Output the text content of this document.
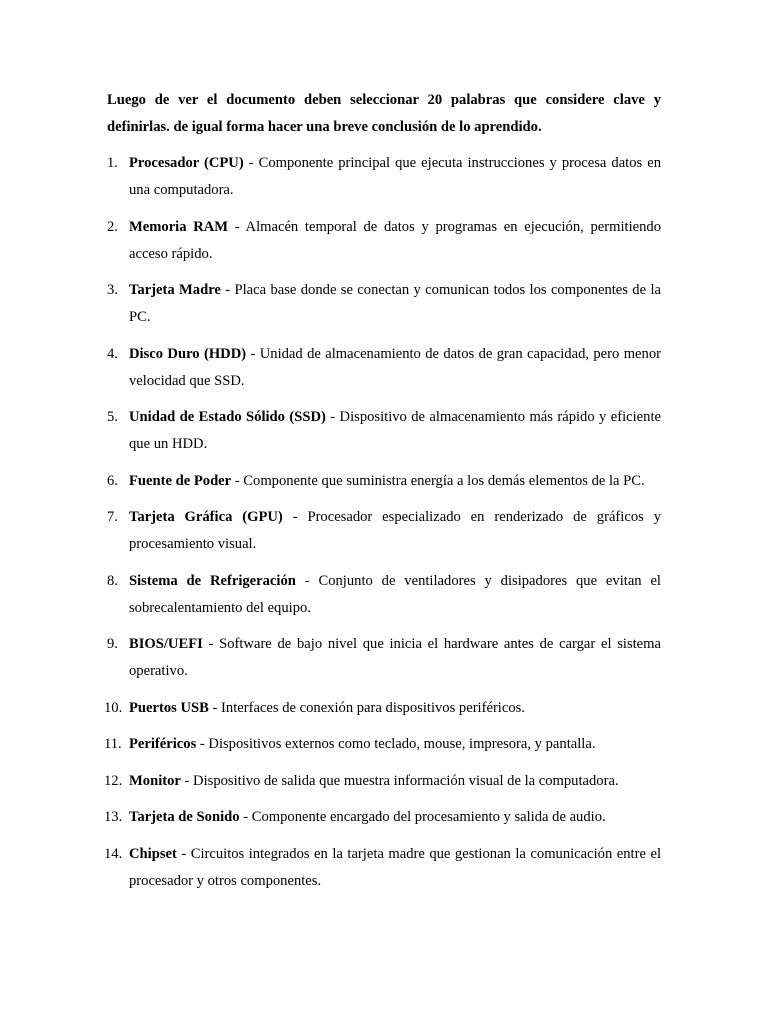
Luego de ver el documento deben seleccionar 20 palabras que considere clave y definirlas. de igual forma hacer una breve conclusión de lo aprendido.

1. Procesador (CPU) - Componente principal que ejecuta instrucciones y procesa datos en una computadora.
2. Memoria RAM - Almacén temporal de datos y programas en ejecución, permitiendo acceso rápido.
3. Tarjeta Madre - Placa base donde se conectan y comunican todos los componentes de la PC.
4. Disco Duro (HDD) - Unidad de almacenamiento de datos de gran capacidad, pero menor velocidad que SSD.
5. Unidad de Estado Sólido (SSD) - Dispositivo de almacenamiento más rápido y eficiente que un HDD.
6. Fuente de Poder - Componente que suministra energía a los demás elementos de la PC.
7. Tarjeta Gráfica (GPU) - Procesador especializado en renderizado de gráficos y procesamiento visual.
8. Sistema de Refrigeración - Conjunto de ventiladores y disipadores que evitan el sobrecalentamiento del equipo.
9. BIOS/UEFI - Software de bajo nivel que inicia el hardware antes de cargar el sistema operativo.
10. Puertos USB - Interfaces de conexión para dispositivos periféricos.
11. Periféricos - Dispositivos externos como teclado, mouse, impresora, y pantalla.
12. Monitor - Dispositivo de salida que muestra información visual de la computadora.
13. Tarjeta de Sonido - Componente encargado del procesamiento y salida de audio.
14. Chipset - Circuitos integrados en la tarjeta madre que gestionan la comunicación entre el procesador y otros componentes.
